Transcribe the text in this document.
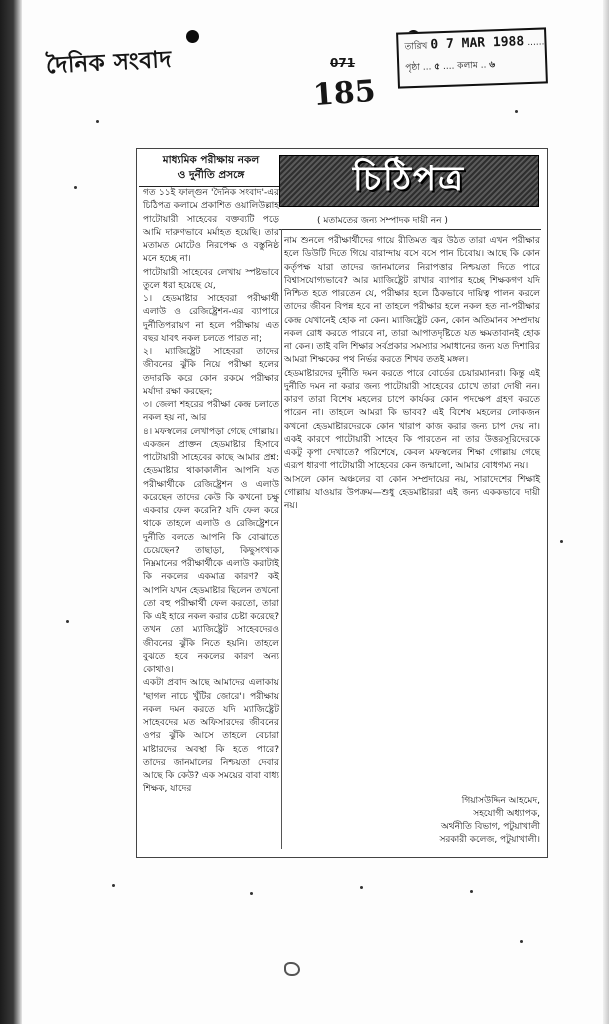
দৈনিক সংবাদ	071
185
তারিখ 0 7 MAR 1988 ......
পৃষ্ঠা ... ৫ .... কলাম .. ৬
মাধ্যমিক পরীক্ষায় নকল
ও দুর্নীতি প্রসঙ্গে	চিঠিপত্র
( মতামতের জন্য সম্পাদক দায়ী নন )
গত ১১ই ফাল্গুন 'দৈনিক সংবাদ'-এর চিঠিপত্র কলামে প্রকাশিত ওয়ালিউল্লাহ পাটোয়ারী সাহেবের বক্তব্যটি পড়ে আমি দারুণভাবে মর্মাহত হয়েছি। তার মতামত মোটেও নিরপেক্ষ ও বস্তুনিষ্ঠ মনে হচ্ছে না।
পাটোয়ারী সাহেবের লেখায় স্পষ্টভাবে তুলে ধরা হয়েছে যে,
১। হেডমাষ্টার সাহেবরা পরীক্ষার্থী এলাউ ও রেজিষ্ট্রেশন-এর ব্যাপারে দুর্নীতিপরায়ণ না হলে পরীক্ষায় এত বছর যাবৎ নকল চলতে পারত না;
২। ম্যাজিষ্ট্রেট সাহেবরা তাদের জীবনের ঝুঁকি নিয়ে পরীক্ষা হলের তদারকি করে কোন রকমে পরীক্ষার মর্যাদা রক্ষা করছেন;
৩। জেলা শহরের পরীক্ষা কেন্দ্র চলাতে নকল হয় না, আর
৪। মফস্বলের লেখাপড়া গেছে গোল্লায়।
একজন প্রাক্তন হেডমাষ্টার হিসাবে পাটোয়ারী সাহেবের কাছে আমার প্রশ্ন: হেডমাষ্টার থাকাকালীন আপনি যত পরীক্ষার্থীকে রেজিষ্ট্রেশন ও এলাউ করেছেন তাদের কেউ কি কখনো চক্ষু একবার ফেল করেনি? যদি ফেল করে থাকে তাহলে এলাউ ও রেজিষ্ট্রেশনে দুর্নীতি বলতে আপনি কি বোঝাতে চেয়েছেন? তাছাড়া, কিছুসংখ্যক নিম্নমানের পরীক্ষার্থীকে এলাউ করাটাই কি নকলের একমাত্র কারণ? কই আপনি যখন হেডমাষ্টার ছিলেন তখনো তো বহু পরীক্ষার্থী ফেল করতো, তারা কি এই হারে নকল করার চেষ্টা করেছে? তখন তো ম্যাজিষ্ট্রেট সাহেবদেরও জীবনের ঝুঁকি নিতে হয়নি। তাহলে বুঝতে হবে নকলের কারণ অন্য কোথাও।
একটা প্রবাদ আছে আমাদের এলাকায় 'ছাগল নাচে খুঁটির জোরে'। পরীক্ষায় নকল দমন করতে যদি ম্যাজিষ্ট্রেট সাহেবদের মত অফিসারদের জীবনের ওপর ঝুঁকি আসে তাহলে বেচারা মাষ্টারদের অবস্থা কি হতে পারে? তাদের জানমালের নিশ্চয়তা দেবার আছে কি কেউ? এক সময়ের বাবা বাধ্য শিক্ষক, যাদের
নাম শুনলে পরীক্ষার্থীদের গায়ে রীতিমত জ্বর উঠত তারা এখন পরীক্ষার হলে ডিউটি দিতে গিয়ে বারান্দায় বসে বসে পান চিবোয়। আছে কি কোন কর্তৃপক্ষ যারা তাদের জানমালের নিরাপত্তার নিশ্চয়তা দিতে পারে বিশ্বাসযোগ্যভাবে? আর ম্যাজিষ্ট্রেট রাখার ব্যাপার হচ্ছে শিক্ষকগণ যদি নিশ্চিত হতে পারতেন যে, পরীক্ষার হলে ঠিকভাবে দায়িত্ব পালন করলে তাদের জীবন বিপন্ন হবে না তাহলে পরীক্ষার হলে নকল হত না-পরীক্ষার কেন্দ্র যেখানেই হোক না কেন। ম্যাজিষ্ট্রেট কেন, কোন অতিমানব সম্প্রদায় নকল রোধ করতে পারবে না, তারা আপাতদৃষ্টিতে যত ক্ষমতাবানই হোক না কেন। তাই বলি শিক্ষার সর্বপ্রকার সমস্যার সমাধানের জন্য যত দিশারির আমরা শিক্ষকের পথ নির্ভর করতে শিখব ততই মঙ্গল।
হেডমাষ্টারদের দুর্নীতি দমন করতে পারে বোর্ডের চেয়ারম্যানরা। কিন্তু এই দুর্নীতি দমন না করার জন্য পাটোয়ারী সাহেবের চোখে তারা দোষী নন। কারণ তারা বিশেষ মহলের চাপে কার্যকর কোন পদক্ষেপ গ্রহণ করতে পারেন না। তাহলে আমরা কি ভাবব? এই বিশেষ মহলের লোকজন কখনো হেডমাষ্টারদেরকে কোন খারাপ কাজ করার জন্য চাপ দেয় না। একই কারণে পাটোয়ারী সাহেব কি পারতেন না তার উত্তরসূরিদেরকে একটু কৃপা দেখাতে? পরিশেষে, কেবল মফস্বলের শিক্ষা গোল্লায় গেছে এরূপ ধারণা পাটোয়ারী সাহেবের কেন জন্মালো, আমার বোধগম্য নয়।
আসলে কোন অঞ্চলের বা কোন সম্প্রদায়ের নয়, সারাদেশের শিক্ষাই গোল্লায় যাওয়ার উপক্রম—শুধু হেডমাষ্টাররা এই জন্য এককভাবে দায়ী নয়।
গিয়াসউদ্দিন আহমেদ,
সহযোগী অধ্যাপক,
অর্থনীতি বিভাগ, পটুয়াখালী
সরকারী কলেজ, পটুয়াখালী।
